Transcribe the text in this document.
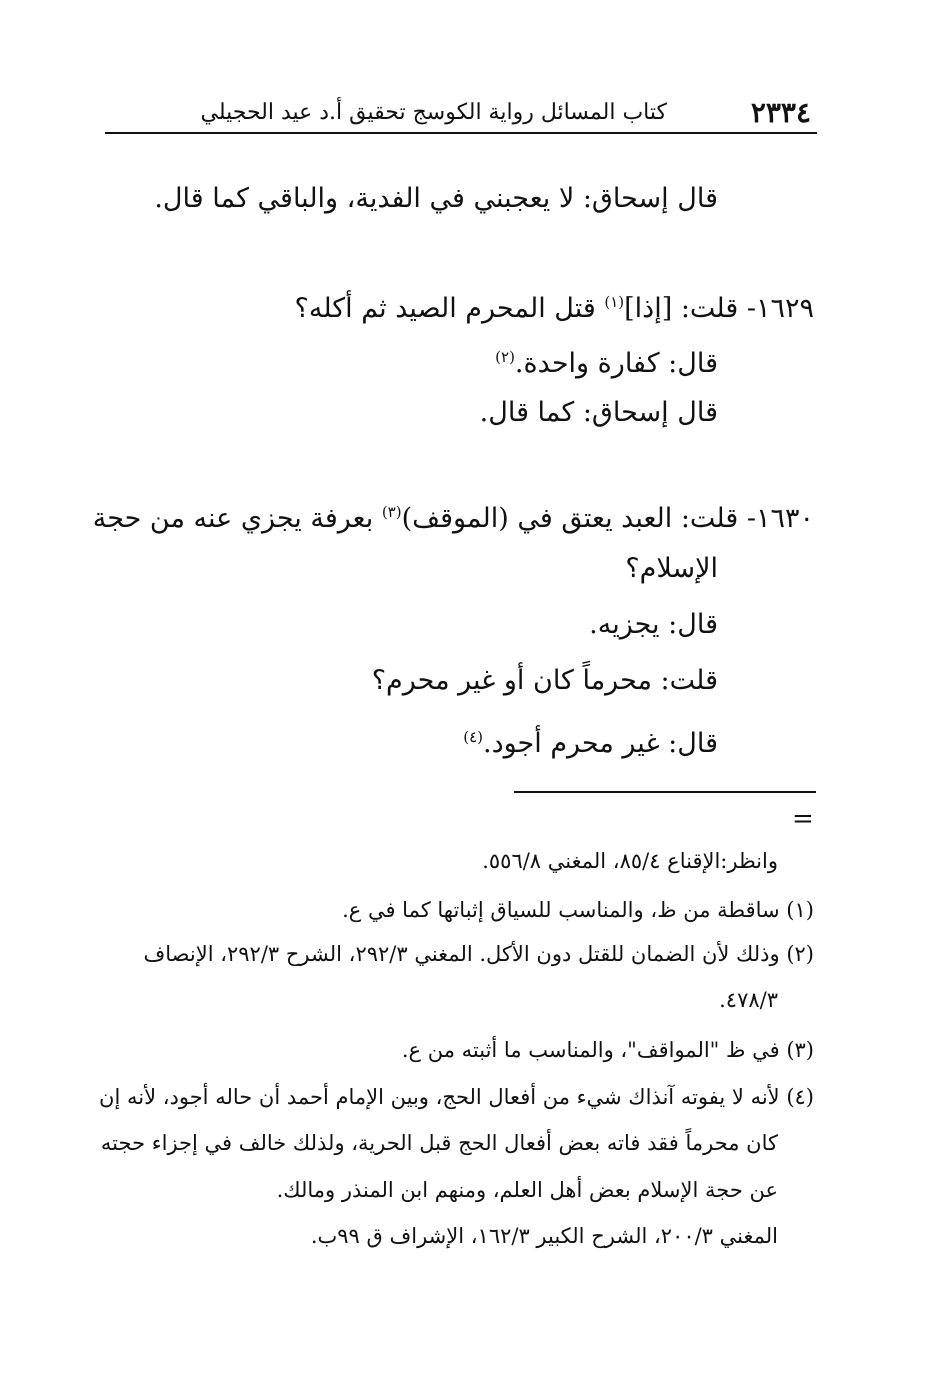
٢٣٣٤
كتاب المسائل رواية الكوسج تحقيق أ.د عيد الحجيلي
قال إسحاق: لا يعجبني في الفدية، والباقي كما قال.
١٦٢٩- قلت: [إذا]$^{(١)}$ قتل المحرم الصيد ثم أكله؟
قال: كفارة واحدة.$^{(٢)}$
قال إسحاق: كما قال.
١٦٣٠- قلت: العبد يعتق في (الموقف)$^{(٣)}$ بعرفة يجزي عنه من حجة
الإسلام؟
قال: يجزيه.
قلت: محرماً كان أو غير محرم؟
قال: غير محرم أجود.$^{(٤)}$
=
وانظر:الإقناع ٨٥/٤، المغني ٥٥٦/٨.
(١) ساقطة من ظ، والمناسب للسياق إثباتها كما في ع.
(٢) وذلك لأن الضمان للقتل دون الأكل. المغني ٢٩٢/٣، الشرح ٢٩٢/٣، الإنصاف
٤٧٨/٣.
(٣) في ظ "المواقف"، والمناسب ما أثبته من ع.
(٤) لأنه لا يفوته آنذاك شيء من أفعال الحج، وبين الإمام أحمد أن حاله أجود، لأنه إن
كان محرماً فقد فاته بعض أفعال الحج قبل الحرية، ولذلك خالف في إجزاء حجته
عن حجة الإسلام بعض أهل العلم، ومنهم ابن المنذر ومالك.
المغني ٢٠٠/٣، الشرح الكبير ١٦٢/٣، الإشراف ق ٩٩ب.
